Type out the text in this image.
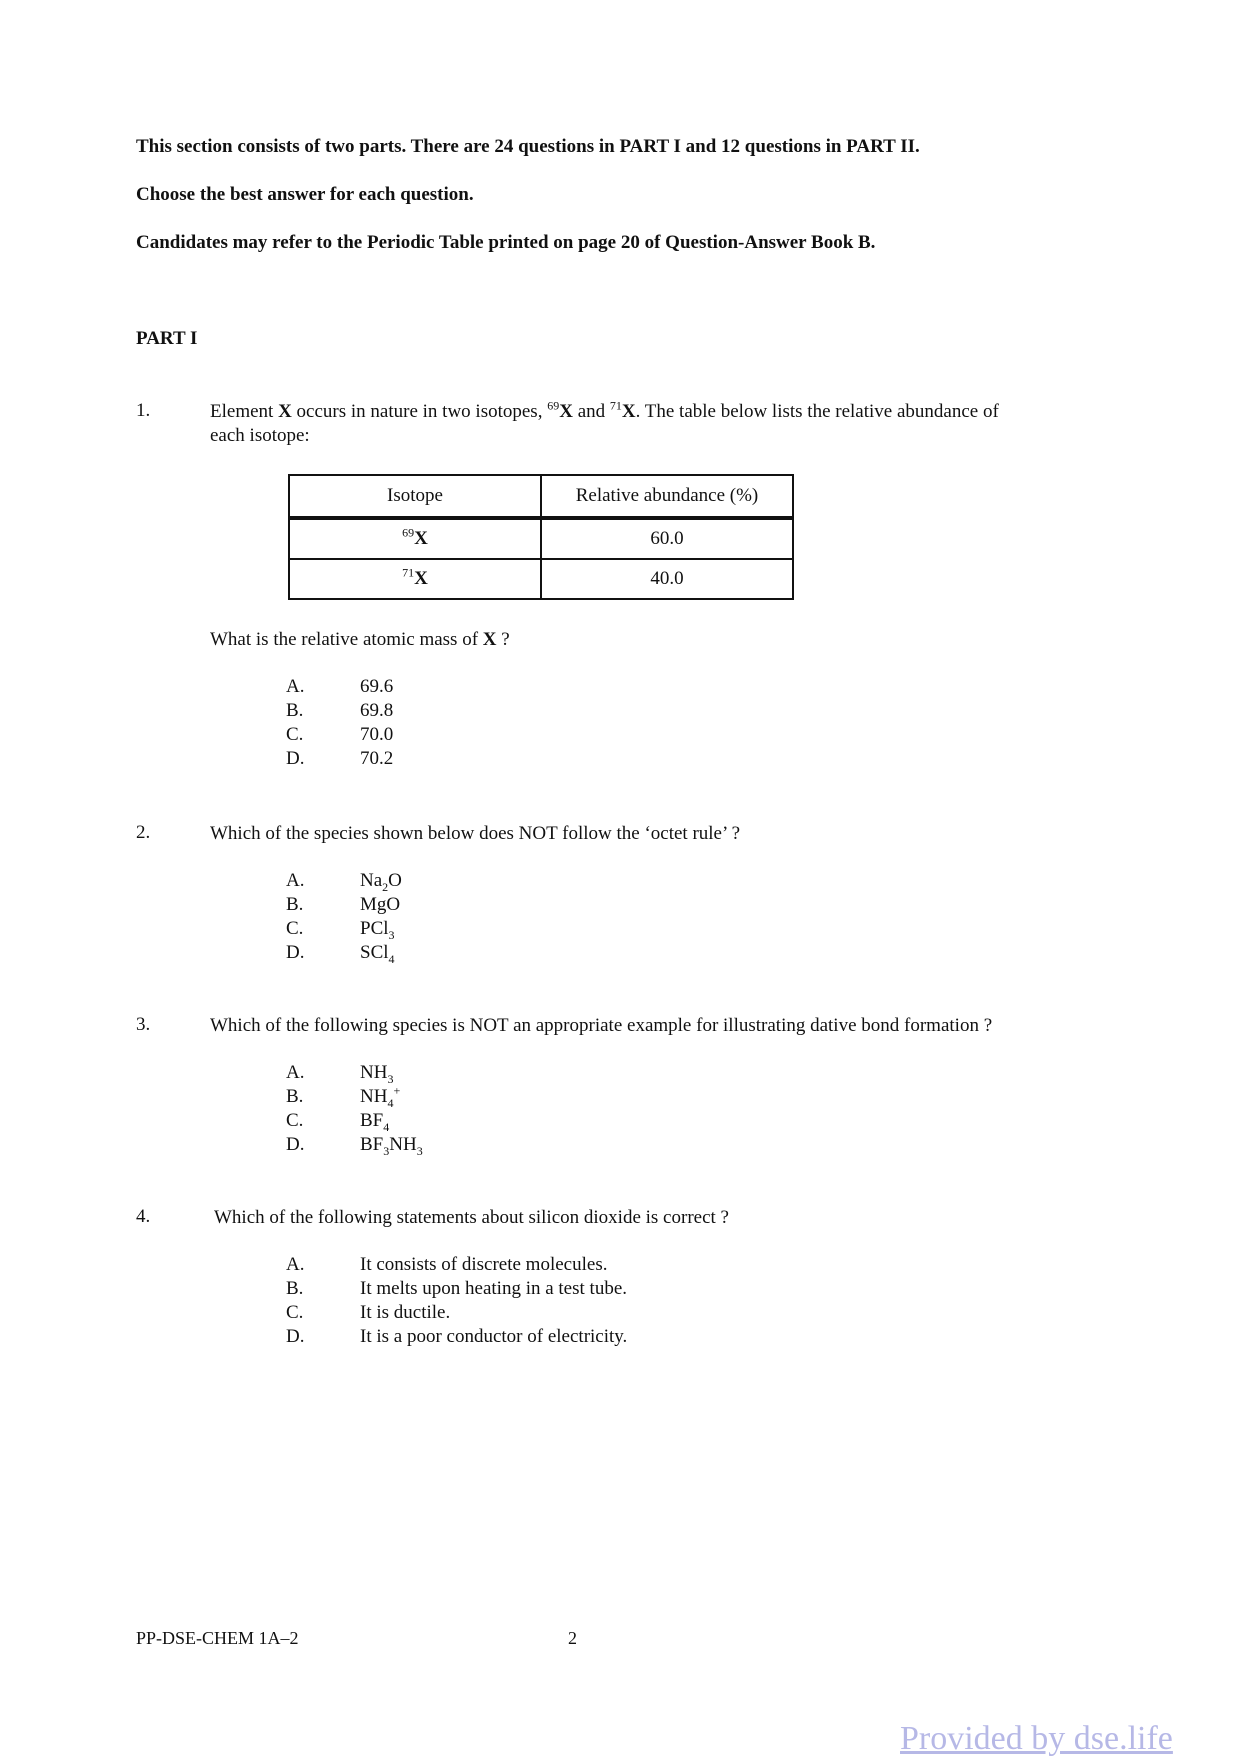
This section consists of two parts. There are 24 questions in PART I and 12 questions in PART II.
Choose the best answer for each question.
Candidates may refer to the Periodic Table printed on page 20 of Question-Answer Book B.
PART I
1.	Element X occurs in nature in two isotopes, $^{69}$X and $^{71}$X. The table below lists the relative abundance of
each isotope:
Isotope	Relative abundance (%)
$^{69}$X	60.0
$^{71}$X	40.0
What is the relative atomic mass of X ?
A.	69.6
B.	69.8
C.	70.0
D.	70.2
2.	Which of the species shown below does NOT follow the ‘octet rule’ ?
A.	$Na_2O$
B.	MgO
C.	PCl$_3$
D.	SCl$_4$
3.	Which of the following species is NOT an appropriate example for illustrating dative bond formation ?
A.	$NH_3$
B.	$NH_4^+$
C.	$BF_4$
D.	$BF_3NH_3$
4.	Which of the following statements about silicon dioxide is correct ?
A.	It consists of discrete molecules.
B.	It melts upon heating in a test tube.
C.	It is ductile.
D.	It is a poor conductor of electricity.
PP-DSE-CHEM 1A–2	2
Provided by dse.life
